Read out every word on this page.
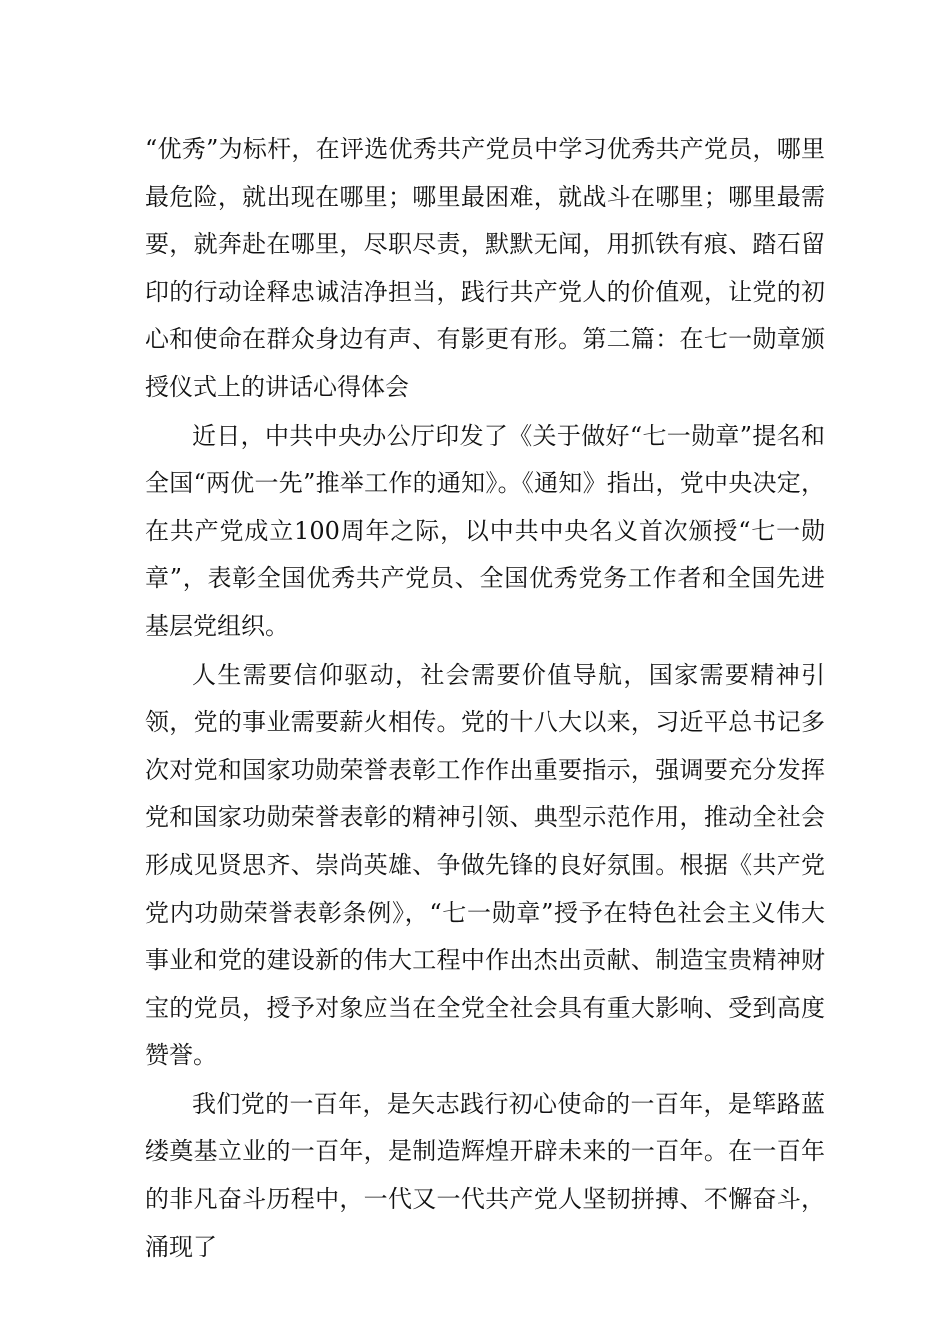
“优秀”为标杆，在评选优秀共产党员中学习优秀共产党员，哪里最危险，就出现在哪里；哪里最困难，就战斗在哪里；哪里最需要，就奔赴在哪里，尽职尽责，默默无闻，用抓铁有痕、踏石留印的行动诠释忠诚洁净担当，践行共产党人的价值观，让党的初心和使命在群众身边有声、有影更有形。第二篇：在七一勋章颁授仪式上的讲话心得体会

近日，中共中央办公厅印发了《关于做好“七一勋章”提名和全国“两优一先”推举工作的通知》。《通知》指出，党中央决定，在共产党成立100周年之际，以中共中央名义首次颁授“七一勋章”，表彰全国优秀共产党员、全国优秀党务工作者和全国先进基层党组织。

人生需要信仰驱动，社会需要价值导航，国家需要精神引领，党的事业需要薪火相传。党的十八大以来，习近平总书记多次对党和国家功勋荣誉表彰工作作出重要指示，强调要充分发挥党和国家功勋荣誉表彰的精神引领、典型示范作用，推动全社会形成见贤思齐、崇尚英雄、争做先锋的良好氛围。根据《共产党党内功勋荣誉表彰条例》，“七一勋章”授予在特色社会主义伟大事业和党的建设新的伟大工程中作出杰出贡献、制造宝贵精神财宝的党员，授予对象应当在全党全社会具有重大影响、受到高度赞誉。

我们党的一百年，是矢志践行初心使命的一百年，是筚路蓝缕奠基立业的一百年，是制造辉煌开辟未来的一百年。在一百年的非凡奋斗历程中，一代又一代共产党人坚韧拼搏、不懈奋斗，涌现了
